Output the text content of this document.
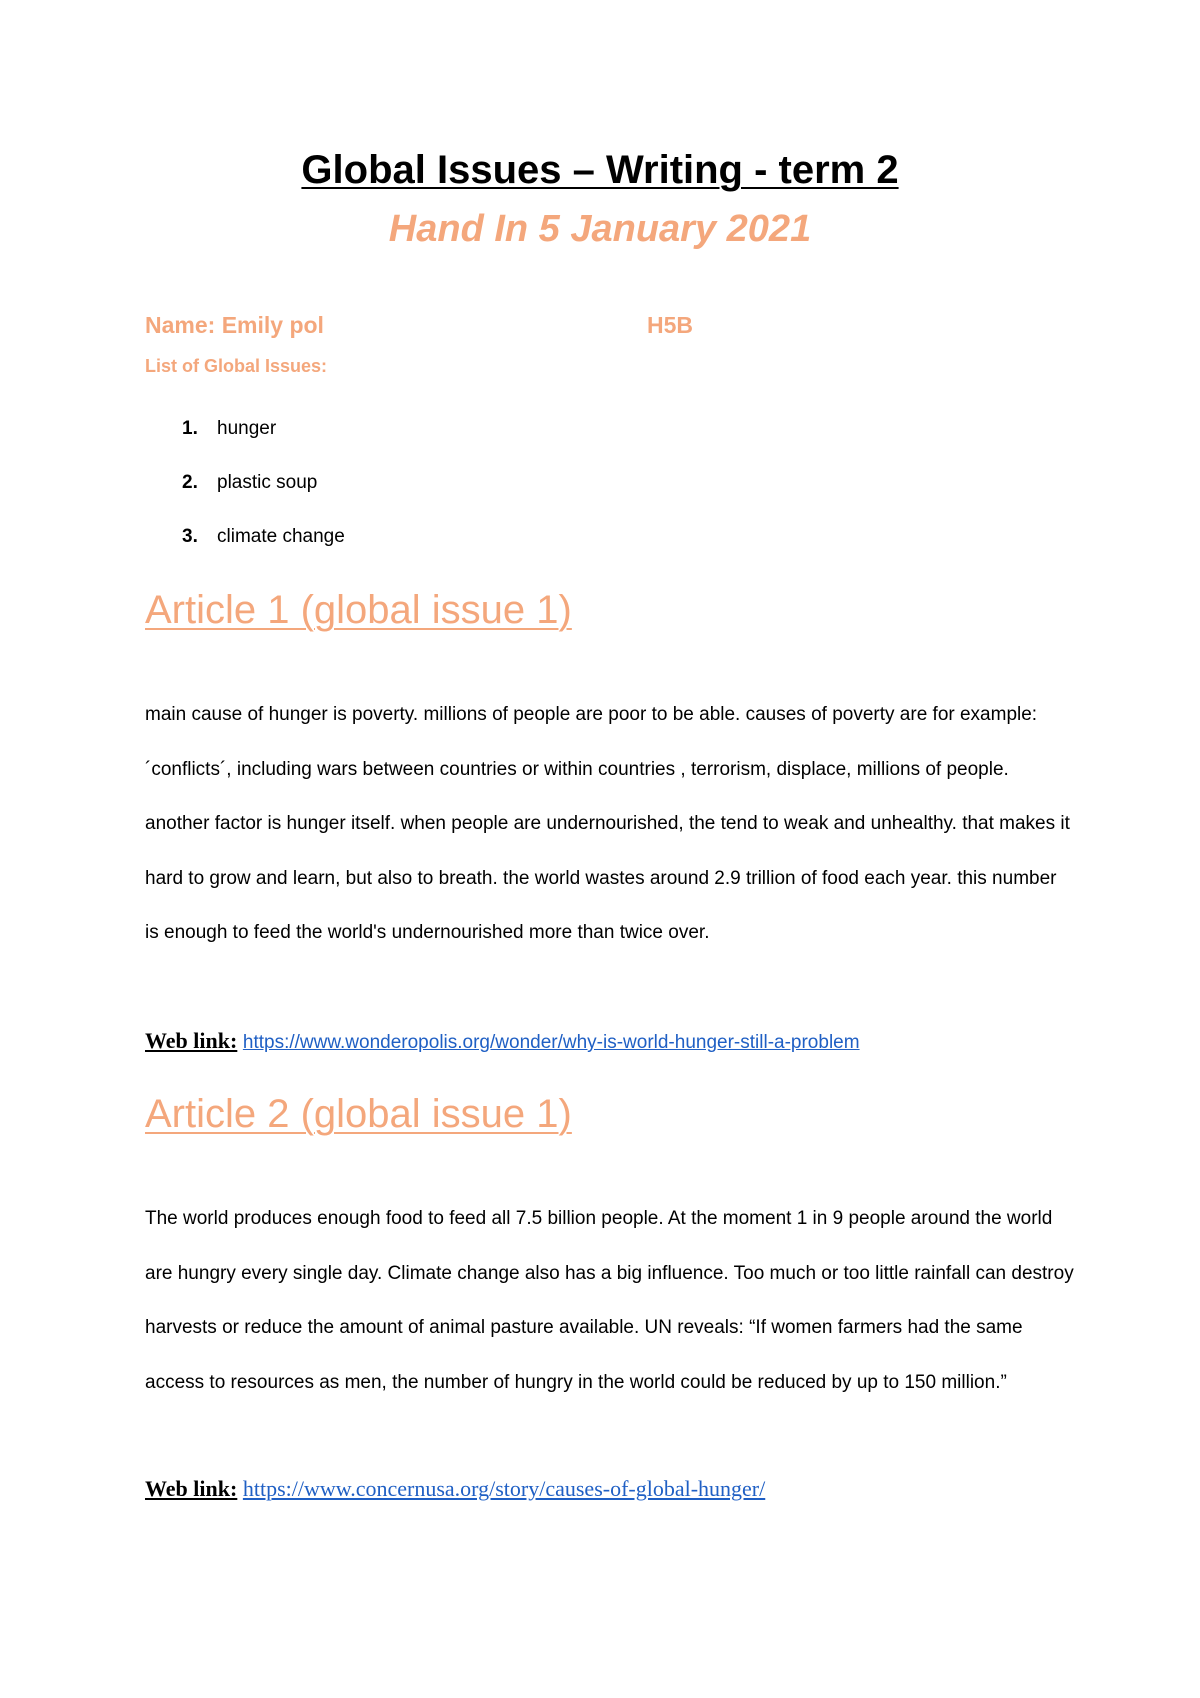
Global Issues – Writing - term 2
Hand In 5 January 2021
Name: Emily pol	H5B
List of Global Issues:
1.	hunger
2.	plastic soup
3.	climate change
Article 1 (global issue 1)

main cause of hunger is poverty. millions of people are poor to be able. causes of poverty are for example: ´conflicts´, including wars between countries or within countries , terrorism, displace, millions of people. another factor is hunger itself. when people are undernourished, the tend to weak and unhealthy. that makes it hard to grow and learn, but also to breath. the world wastes around 2.9 trillion of food each year. this number is enough to feed the world's undernourished more than twice over.

Web link: https://www.wonderopolis.org/wonder/why-is-world-hunger-still-a-problem
Article 2 (global issue 1)

The world produces enough food to feed all 7.5 billion people. At the moment 1 in 9 people around the world are hungry every single day. Climate change also has a big influence. Too much or too little rainfall can destroy harvests or reduce the amount of animal pasture available. UN reveals: “If women farmers had the same access to resources as men, the number of hungry in the world could be reduced by up to 150 million.”

Web link: https://www.concernusa.org/story/causes-of-global-hunger/
